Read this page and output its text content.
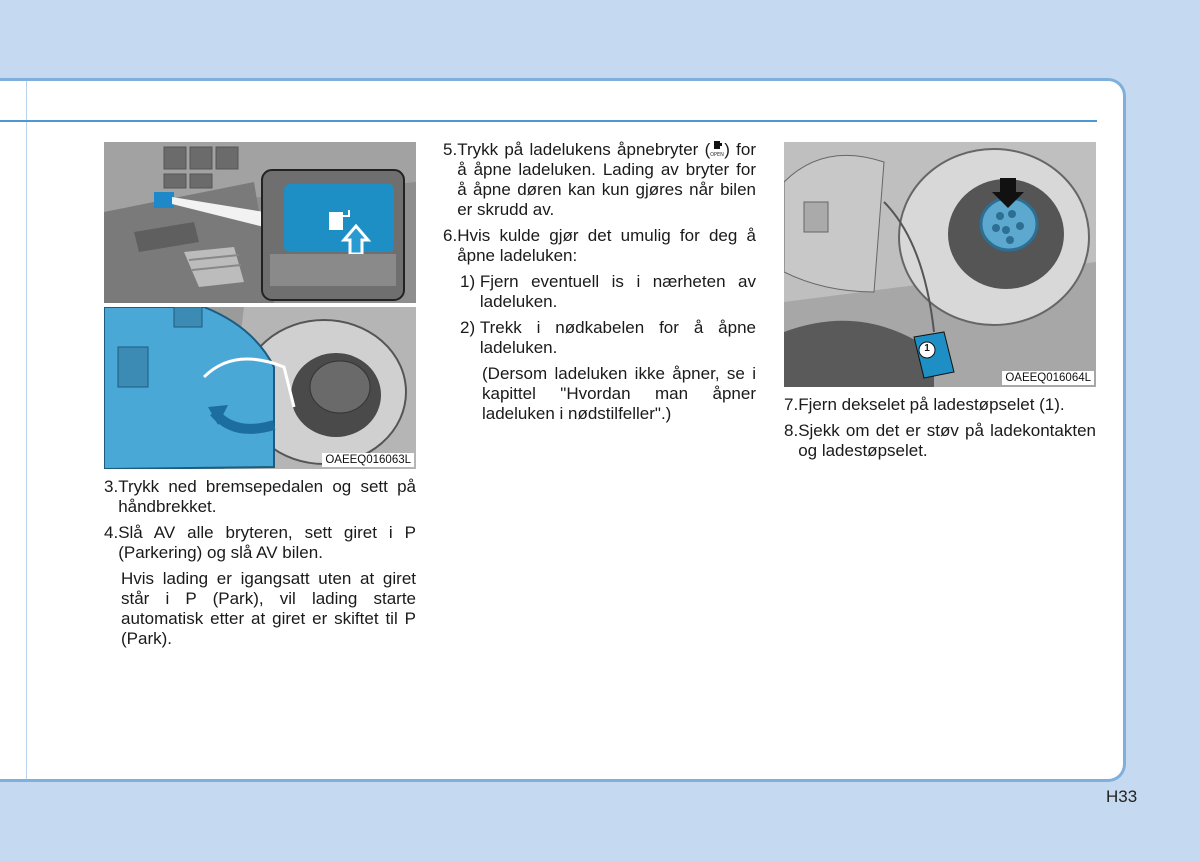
OAEEQ016063L
1
OAEEQ016064L
3. Trykk ned bremsepedalen og sett på håndbrekket.
4. Slå AV alle bryteren, sett giret i P (Parkering) og slå AV bilen.
Hvis lading er igangsatt uten at giret står i P (Park), vil lading starte automatisk etter at giret er skiftet til P (Park).
5. Trykk på ladelukens åpnebryter ( OPEN ) for å åpne ladeluken. Lading av bryter for å åpne døren kan kun gjøres når bilen er skrudd av.
6. Hvis kulde gjør det umulig for deg å åpne ladeluken:
1) Fjern eventuell is i nærheten av ladeluken.
2) Trekk i nødkabelen for å åpne ladeluken.
(Dersom ladeluken ikke åpner, se i kapittel "Hvordan man åpner ladeluken i nødstilfeller".)	7. Fjern dekselet på ladestøpselet (1).
8. Sjekk om det er støv på ladekontakten og ladestøpselet.
H33
